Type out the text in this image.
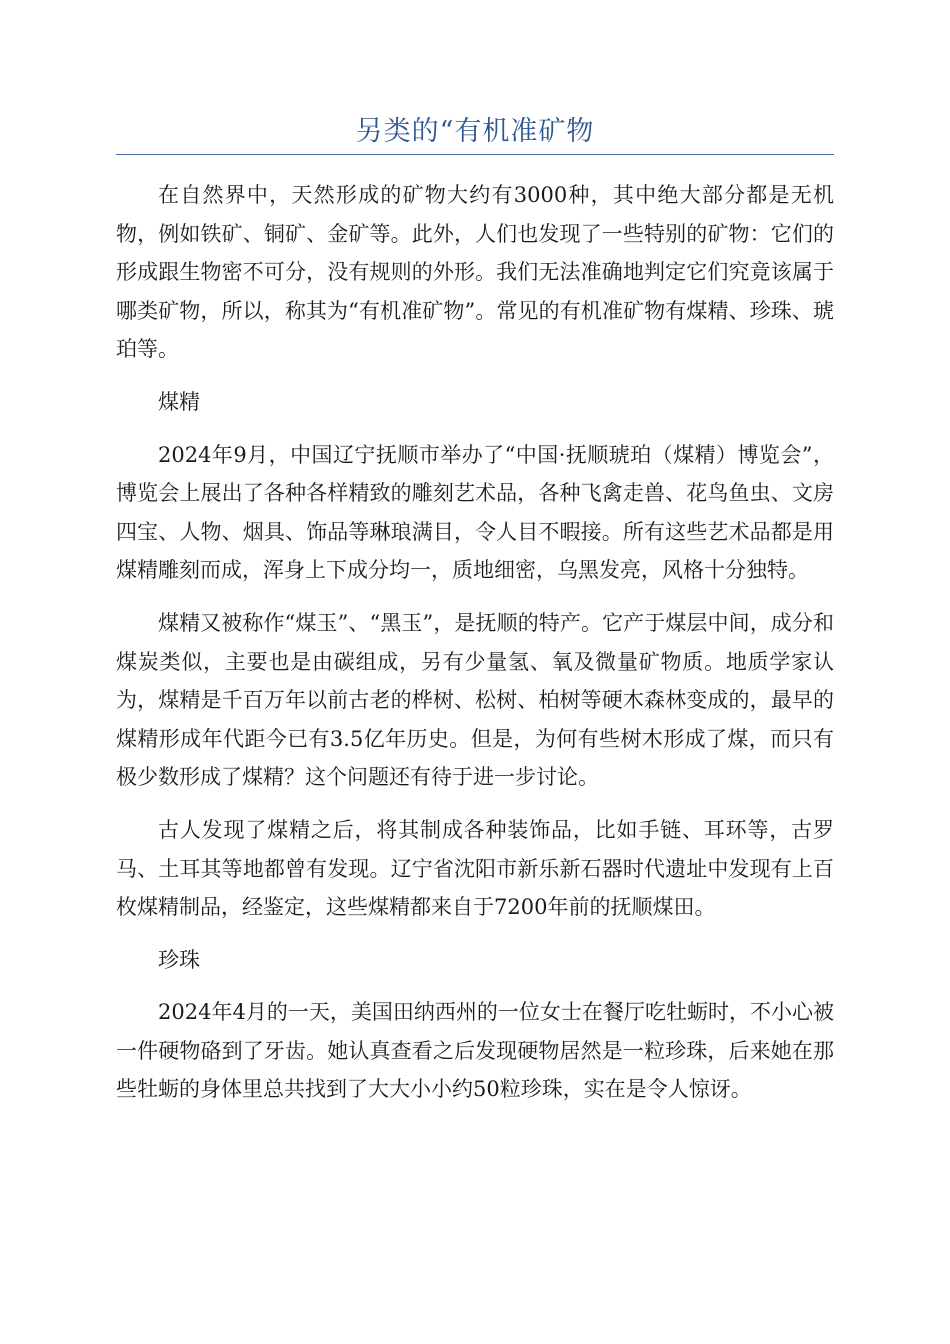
另类的“有机准矿物

在自然界中，天然形成的矿物大约有3000种，其中绝大部分都是无机物，例如铁矿、铜矿、金矿等。此外，人们也发现了一些特别的矿物：它们的形成跟生物密不可分，没有规则的外形。我们无法准确地判定它们究竟该属于哪类矿物，所以，称其为“有机准矿物”。常见的有机准矿物有煤精、珍珠、琥珀等。

煤精

2024年9月，中国辽宁抚顺市举办了“中国·抚顺琥珀（煤精）博览会”，博览会上展出了各种各样精致的雕刻艺术品，各种飞禽走兽、花鸟鱼虫、文房四宝、人物、烟具、饰品等琳琅满目，令人目不暇接。所有这些艺术品都是用煤精雕刻而成，浑身上下成分均一，质地细密，乌黑发亮，风格十分独特。

煤精又被称作“煤玉”、“黑玉”，是抚顺的特产。它产于煤层中间，成分和煤炭类似，主要也是由碳组成，另有少量氢、氧及微量矿物质。地质学家认为，煤精是千百万年以前古老的桦树、松树、柏树等硬木森林变成的，最早的煤精形成年代距今已有3.5亿年历史。但是，为何有些树木形成了煤，而只有极少数形成了煤精？这个问题还有待于进一步讨论。

古人发现了煤精之后，将其制成各种装饰品，比如手链、耳环等，古罗马、土耳其等地都曾有发现。辽宁省沈阳市新乐新石器时代遗址中发现有上百枚煤精制品，经鉴定，这些煤精都来自于7200年前的抚顺煤田。

珍珠

2024年4月的一天，美国田纳西州的一位女士在餐厅吃牡蛎时，不小心被一件硬物硌到了牙齿。她认真查看之后发现硬物居然是一粒珍珠，后来她在那些牡蛎的身体里总共找到了大大小小约50粒珍珠，实在是令人惊讶。
